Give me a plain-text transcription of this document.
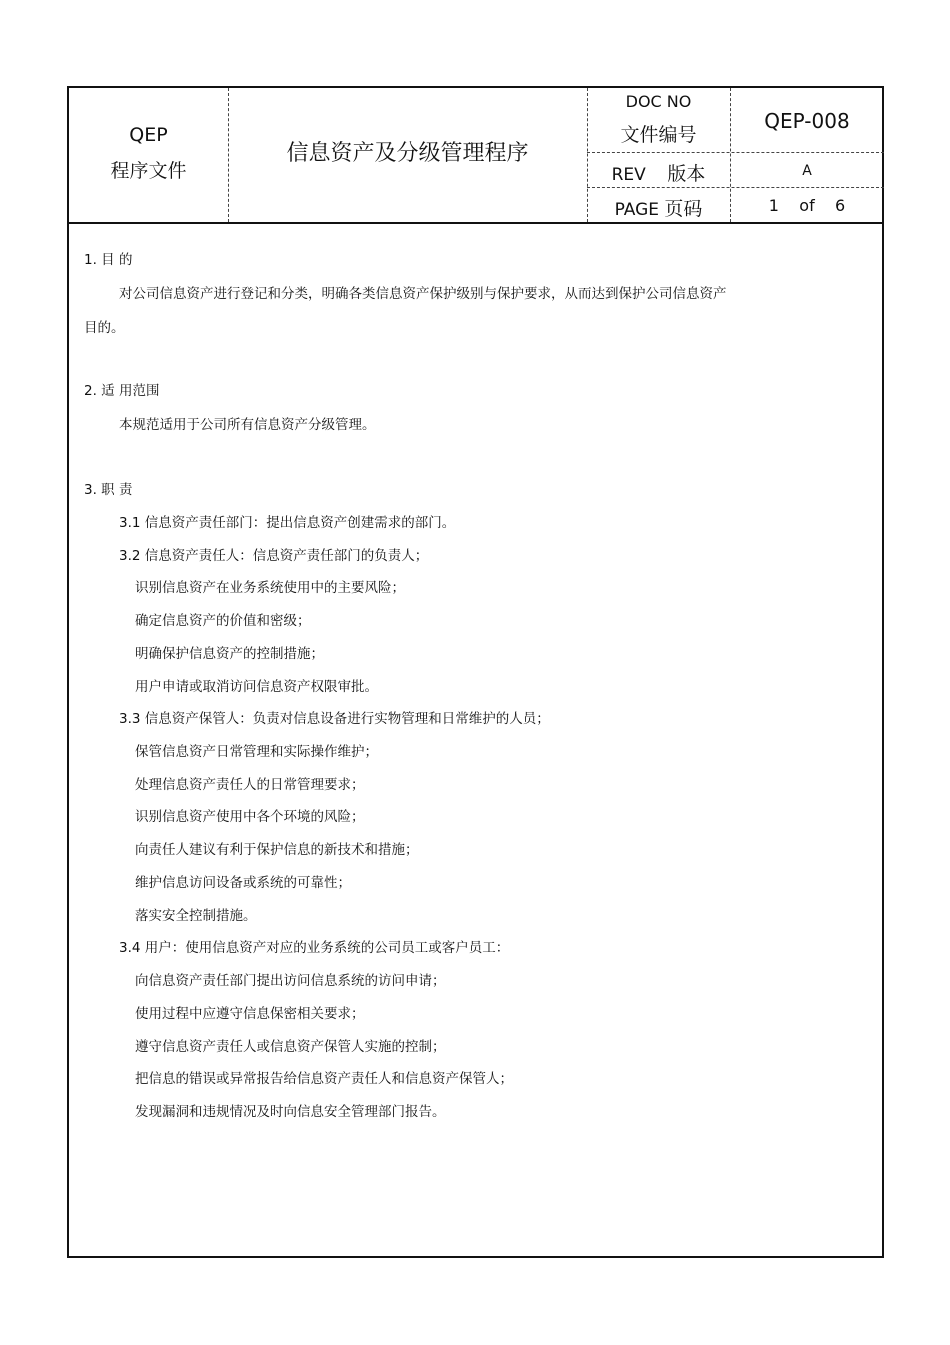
QEP
程序文件
信息资产及分级管理程序
DOC NO
文件编号
QEP-008
REV 版本	A
PAGE 页码	1 of 6
1. 目 的
对公司信息资产进行登记和分类，明确各类信息资产保护级别与保护要求，从而达到保护公司信息资产
目的。
2. 适 用范围
本规范适用于公司所有信息资产分级管理。
3. 职 责
3.1 信息资产责任部门：提出信息资产创建需求的部门。
3.2 信息资产责任人：信息资产责任部门的负责人；
识别信息资产在业务系统使用中的主要风险；
确定信息资产的价值和密级；
明确保护信息资产的控制措施；
用户申请或取消访问信息资产权限审批。
3.3 信息资产保管人：负责对信息设备进行实物管理和日常维护的人员；
保管信息资产日常管理和实际操作维护；
处理信息资产责任人的日常管理要求；
识别信息资产使用中各个环境的风险；
向责任人建议有利于保护信息的新技术和措施；
维护信息访问设备或系统的可靠性；
落实安全控制措施。
3.4 用户：使用信息资产对应的业务系统的公司员工或客户员工：
向信息资产责任部门提出访问信息系统的访问申请；
使用过程中应遵守信息保密相关要求；
遵守信息资产责任人或信息资产保管人实施的控制；
把信息的错误或异常报告给信息资产责任人和信息资产保管人；
发现漏洞和违规情况及时向信息安全管理部门报告。
